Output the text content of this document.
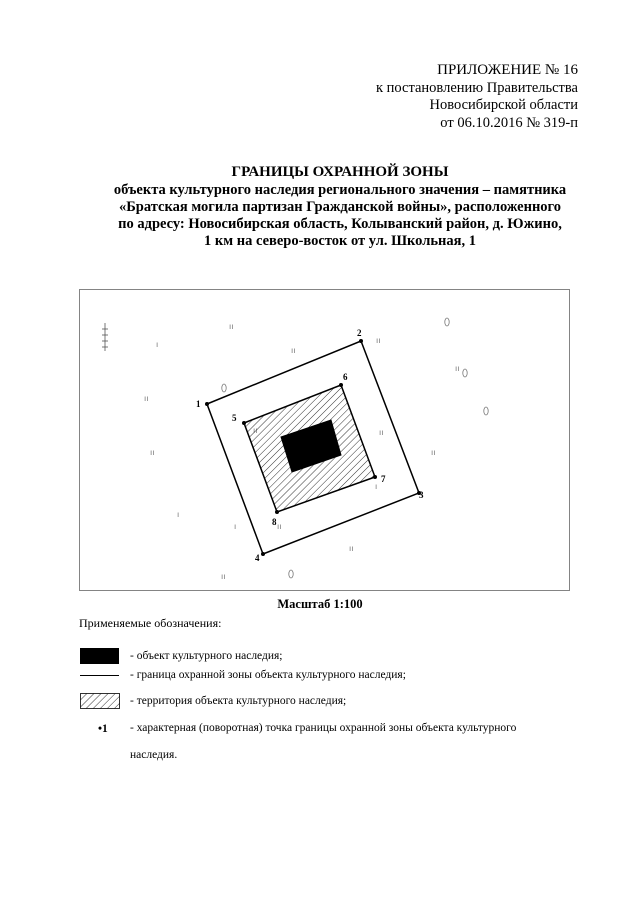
ПРИЛОЖЕНИЕ № 16
к постановлению Правительства
Новосибирской области
от 06.10.2016 № 319-п
ГРАНИЦЫ ОХРАННОЙ ЗОНЫ
объекта культурного наследия регионального значения – памятника
«Братская могила партизан Гражданской войны», расположенного
по адресу: Новосибирская область, Колыванский район, д. Южино,
1 км на северо-восток от ул. Школьная, 1
ıı
ı
ıı
ıı
ıı
ıı
ı
ı	ıı
ıı
ıı
ıı
ıı
ıı
ı
1
2
3
4
5
6
7
8
Масштаб 1:100
Применяемые обозначения:
- объект культурного наследия;
- граница охранной зоны объекта культурного наследия;
- территория объекта культурного наследия;
•1 - характерная (поворотная) точка границы охранной зоны объекта культурного
наследия.
